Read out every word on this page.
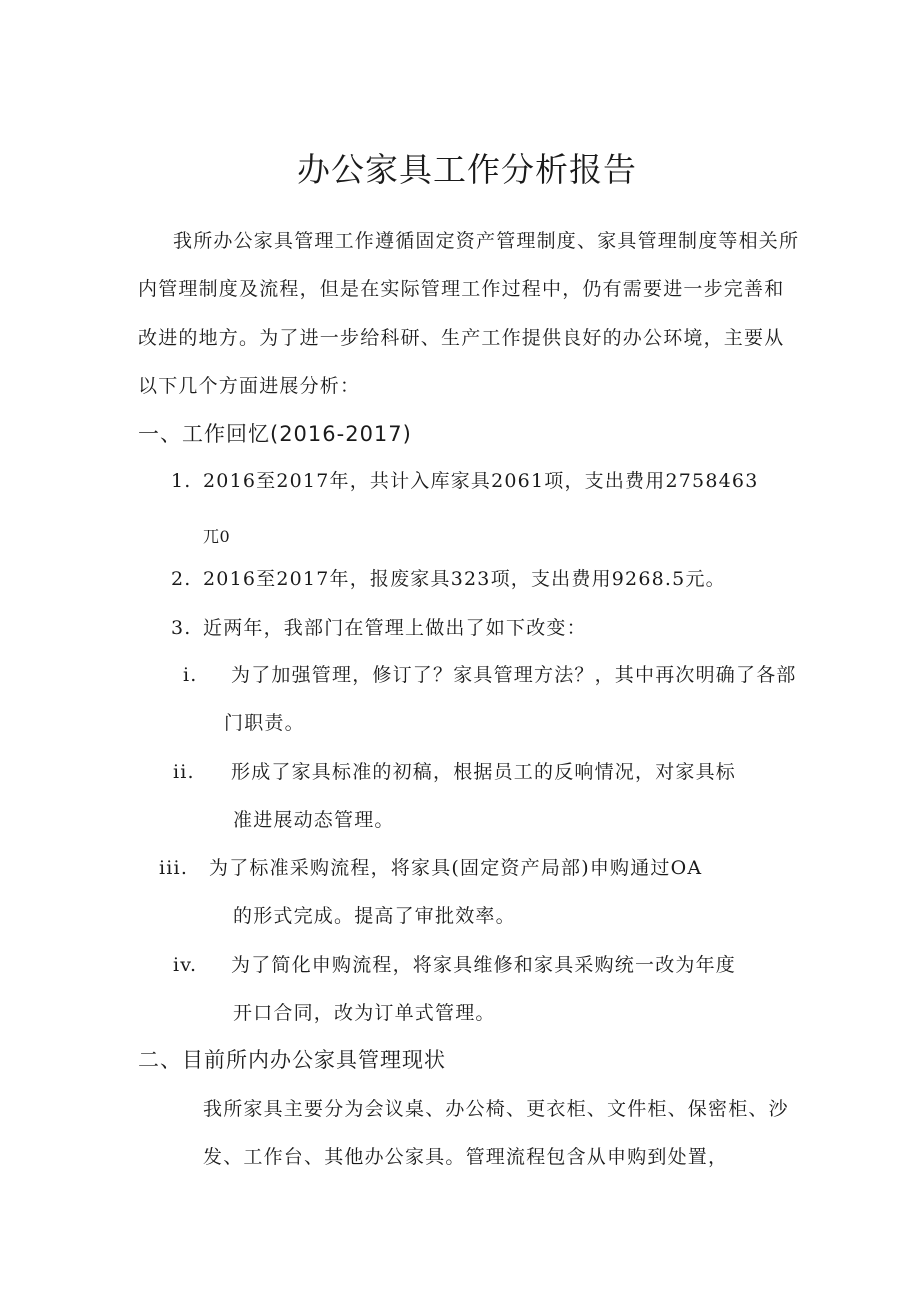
办公家具工作分析报告
我所办公家具管理工作遵循固定资产管理制度、家具管理制度等相关所
内管理制度及流程，但是在实际管理工作过程中，仍有需要进一步完善和
改进的地方。为了进一步给科研、生产工作提供良好的办公环境，主要从
以下几个方面进展分析：
一、工作回忆(2016-2017)
1. 2016至2017年，共计入库家具2061项，支出费用2758463
兀0
2. 2016至2017年，报废家具323项，支出费用9268.5元。
3. 近两年，我部门在管理上做出了如下改变：
i. 为了加强管理，修订了？家具管理方法？，其中再次明确了各部
门职责。
ii. 形成了家具标准的初稿，根据员工的反响情况，对家具标
准进展动态管理。
iii. 为了标准采购流程，将家具(固定资产局部)申购通过OA
的形式完成。提高了审批效率。
iv. 为了简化申购流程，将家具维修和家具采购统一改为年度
开口合同，改为订单式管理。
二、目前所内办公家具管理现状
我所家具主要分为会议桌、办公椅、更衣柜、文件柜、保密柜、沙
发、工作台、其他办公家具。管理流程包含从申购到处置，
